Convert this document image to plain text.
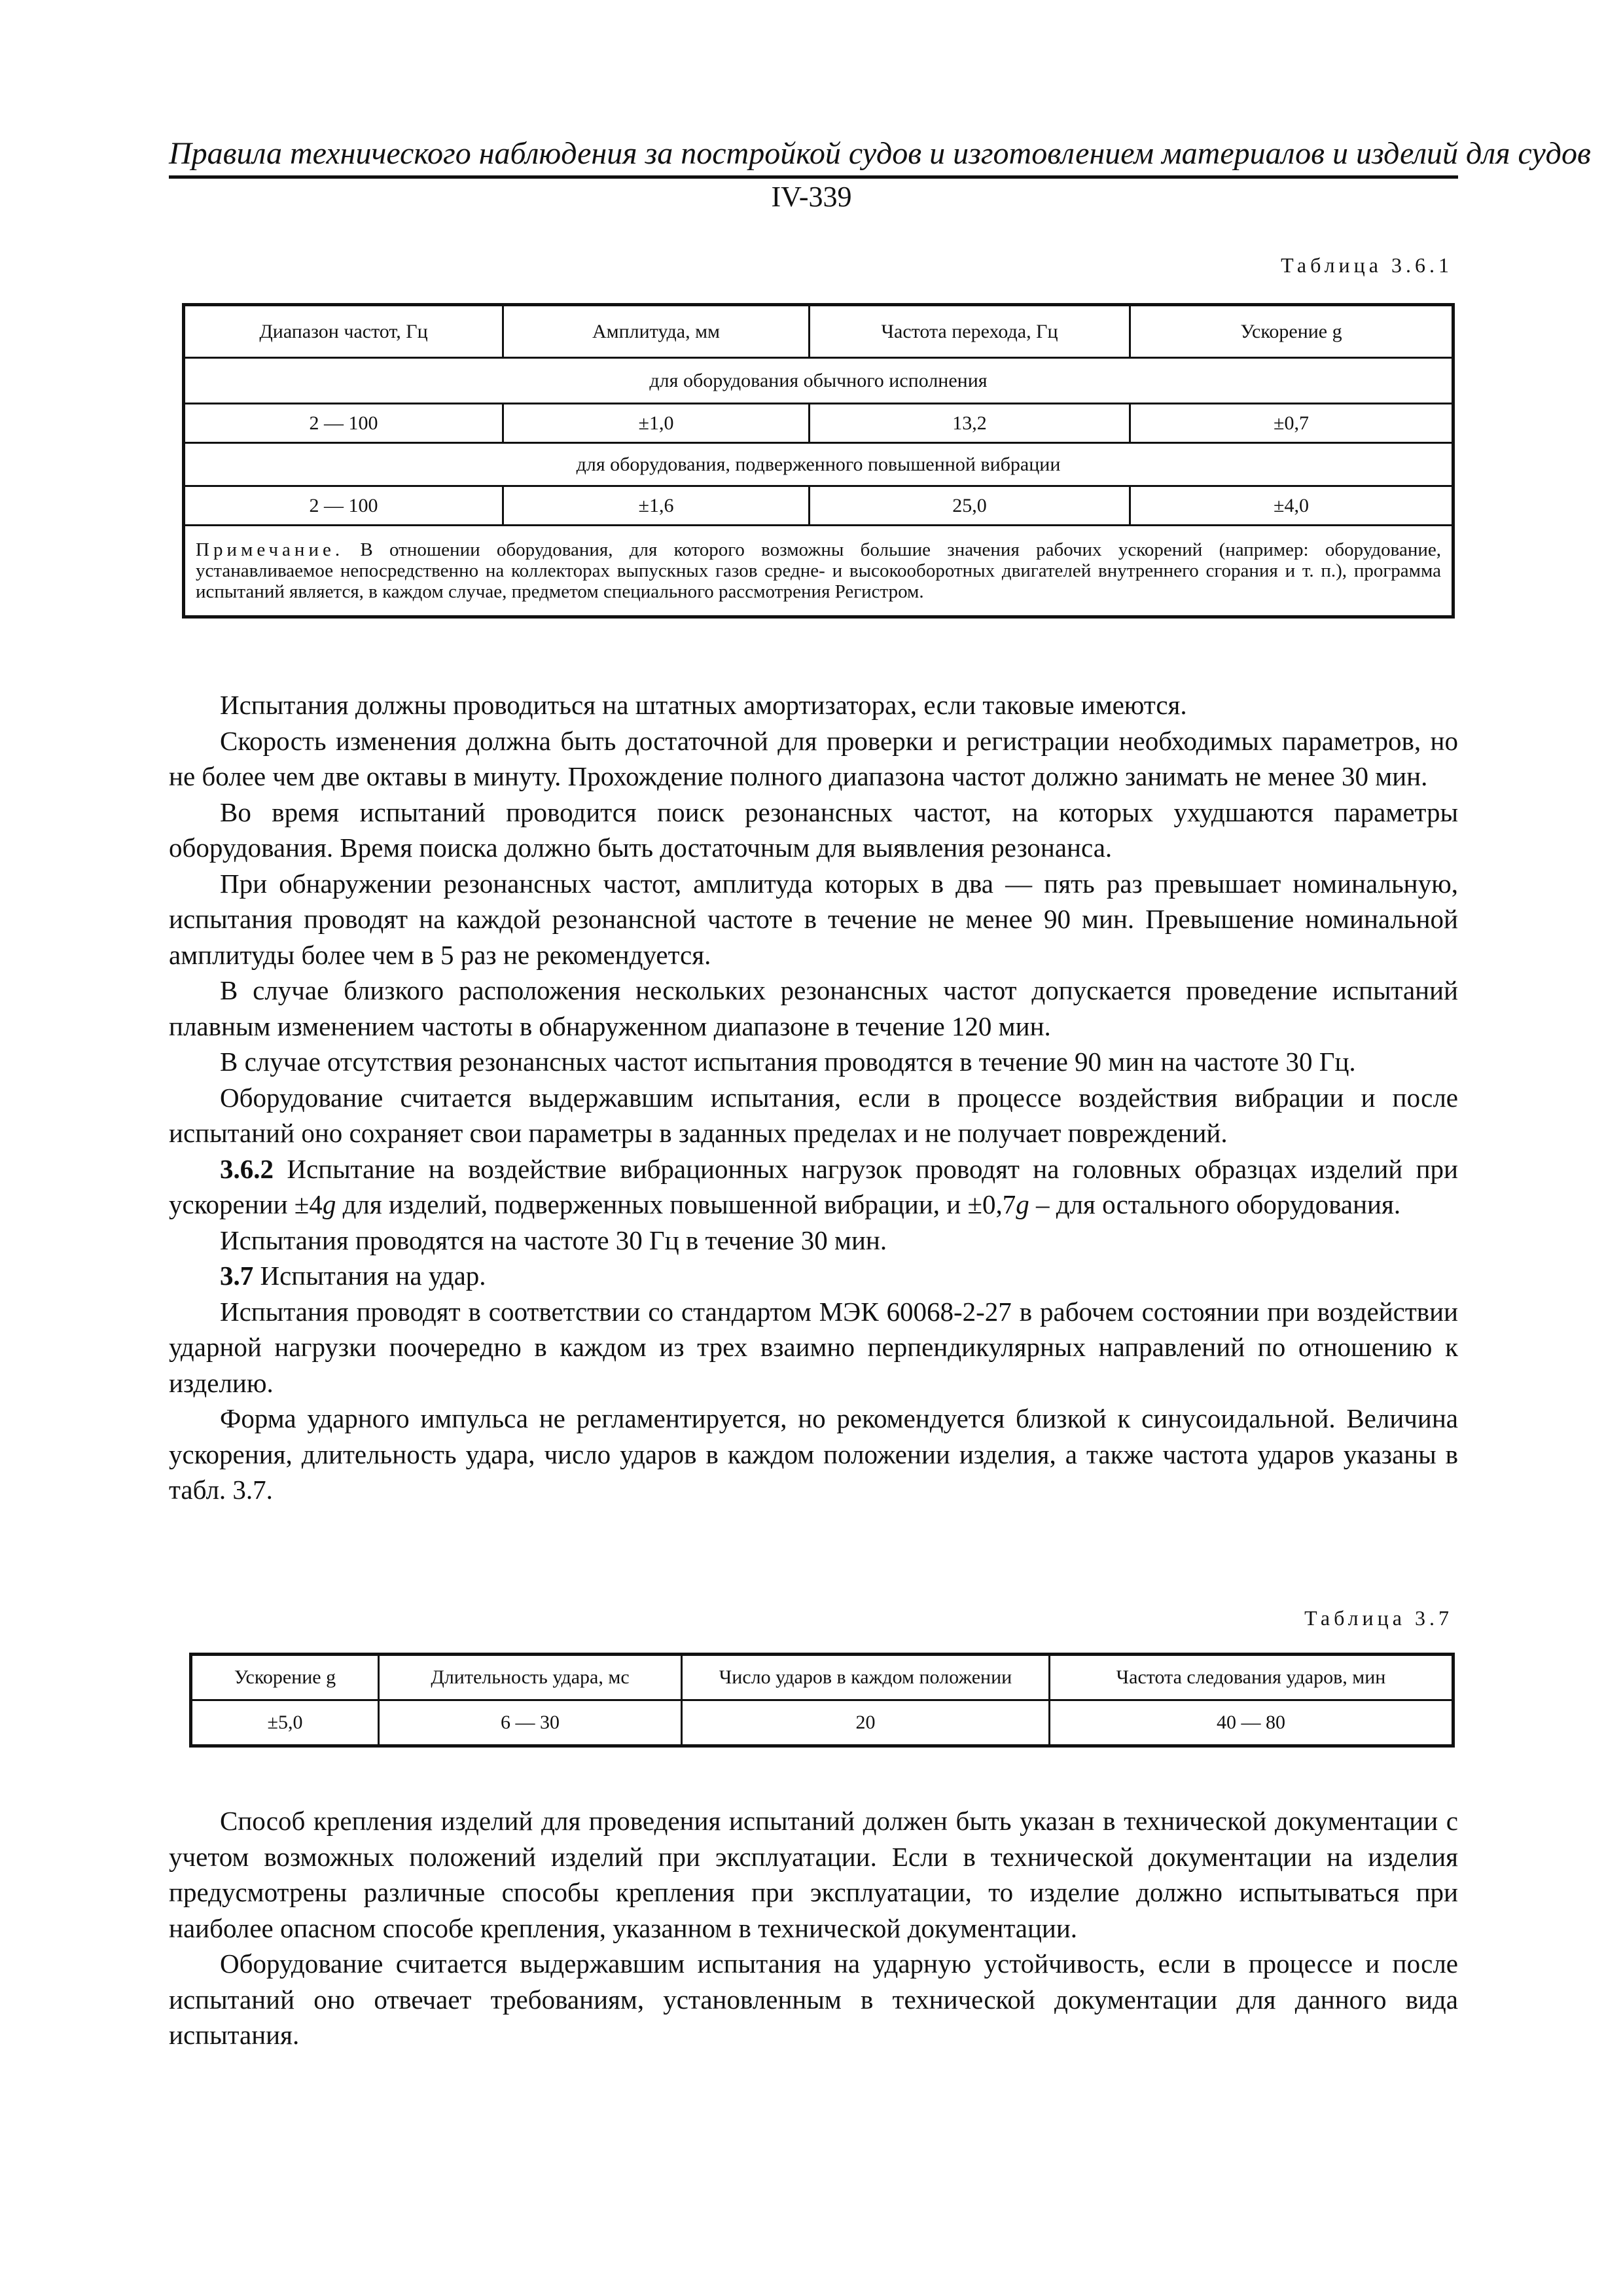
Правила технического наблюдения за постройкой судов и изготовлением материалов и изделий для судов
IV-339
Таблица 3.6.1
Диапазон частот, Гц	Амплитуда, мм	Частота перехода, Гц	Ускорение g
для оборудования обычного исполнения			
2 — 100	±1,0	13,2	±0,7
для оборудования, подверженного повышенной вибрации			
2 — 100	±1,6	25,0	±4,0
Примечание. В отношении оборудования, для которого возможны большие значения рабочих ускорений (например: оборудование, устанавливаемое непосредственно на коллекторах выпускных газов средне- и высокооборотных двигателей внутреннего сгорания и т. п.), программа испытаний является, в каждом случае, предметом специального рассмотрения Регистром.			

Испытания должны проводиться на штатных амортизаторах, если таковые имеются.

Скорость изменения должна быть достаточной для проверки и регистрации необходимых параметров, но не более чем две октавы в минуту. Прохождение полного диапазона частот должно занимать не менее 30 мин.

Во время испытаний проводится поиск резонансных частот, на которых ухудшаются параметры оборудования. Время поиска должно быть достаточным для выявления резонанса.

При обнаружении резонансных частот, амплитуда которых в два — пять раз превышает номинальную, испытания проводят на каждой резонансной частоте в течение не менее 90 мин. Превышение номинальной амплитуды более чем в 5 раз не рекомендуется.

В случае близкого расположения нескольких резонансных частот допускается проведение испытаний плавным изменением частоты в обнаруженном диапазоне в течение 120 мин.

В случае отсутствия резонансных частот испытания проводятся в течение 90 мин на частоте 30 Гц.

Оборудование считается выдержавшим испытания, если в процессе воздействия вибрации и после испытаний оно сохраняет свои параметры в заданных пределах и не получает повреждений.

3.6.2 Испытание на воздействие вибрационных нагрузок проводят на головных образцах изделий при ускорении ±4g для изделий, подверженных повышенной вибрации, и ±0,7g – для остального оборудования.

Испытания проводятся на частоте 30 Гц в течение 30 мин.

3.7 Испытания на удар.

Испытания проводят в соответствии со стандартом МЭК 60068-2-27 в рабочем состоянии при воздействии ударной нагрузки поочередно в каждом из трех взаимно перпендикулярных направлений по отношению к изделию.

Форма ударного импульса не регламентируется, но рекомендуется близкой к синусоидальной. Величина ускорения, длительность удара, число ударов в каждом положении изделия, а также частота ударов указаны в табл. 3.7.

Таблица 3.7
Ускорение g	Длительность удара, мс	Число ударов в каждом положении	Частота следования ударов, мин
±5,0	6 — 30	20	40 — 80

Способ крепления изделий для проведения испытаний должен быть указан в технической документации с учетом возможных положений изделий при эксплуатации. Если в технической документации на изделия предусмотрены различные способы крепления при эксплуатации, то изделие должно испытываться при наиболее опасном способе крепления, указанном в технической документации.

Оборудование считается выдержавшим испытания на ударную устойчивость, если в процессе и после испытаний оно отвечает требованиям, установленным в технической документации для данного вида испытания.
